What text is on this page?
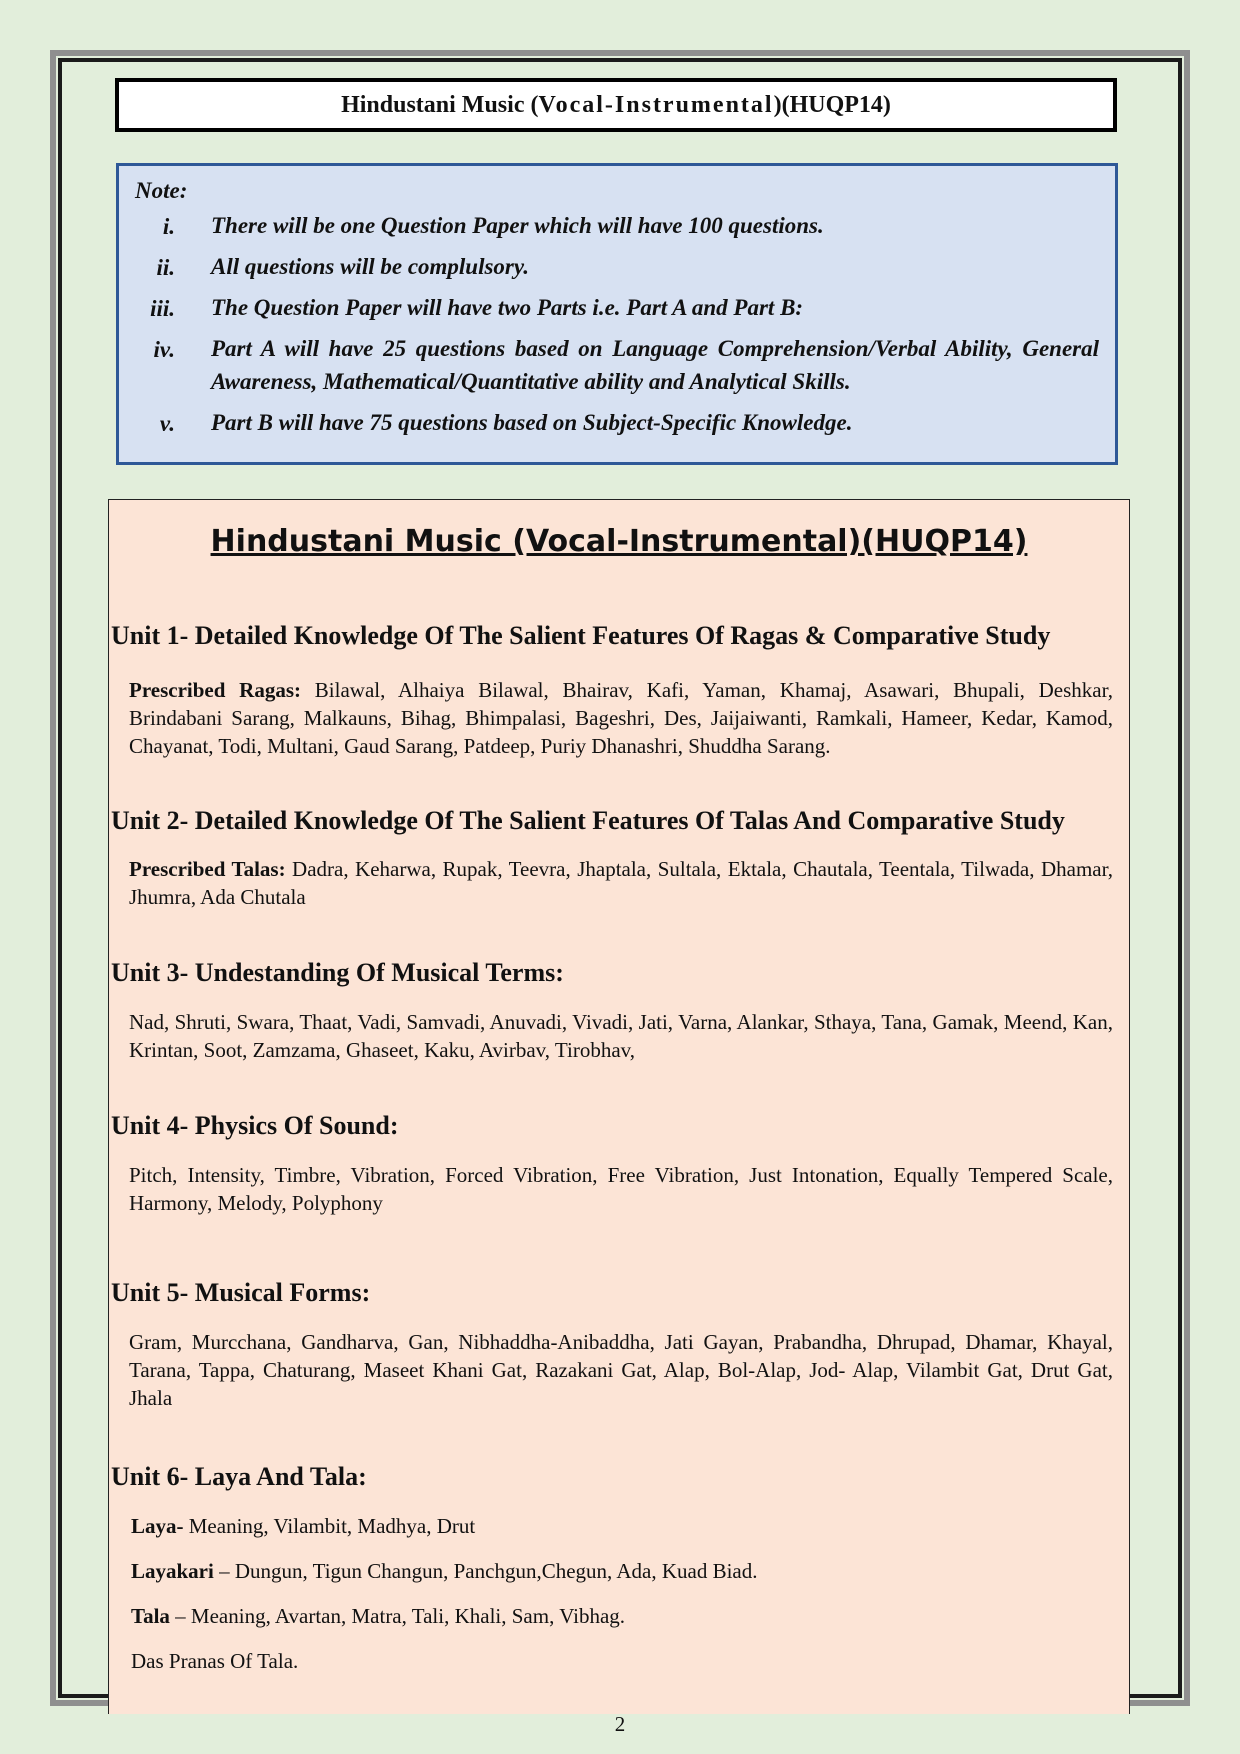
Hindustani Music ( Vocal-Instrumental )(HUQP14)
Note:
i. There will be one Question Paper which will have 100 questions.
ii. All questions will be complulsory.
iii. The Question Paper will have two Parts i.e. Part A and Part B:
iv. Part A will have 25 questions based on Language Comprehension/Verbal Ability, General Awareness, Mathematical/Quantitative ability and Analytical Skills.
v. Part B will have 75 questions based on Subject-Specific Knowledge.
Hindustani Music (Vocal-Instrumental)(HUQP14)
Unit 1- Detailed Knowledge Of The Salient Features Of Ragas & Comparative Study
Prescribed Ragas: Bilawal, Alhaiya Bilawal, Bhairav, Kafi, Yaman, Khamaj, Asawari, Bhupali, Deshkar, Brindabani Sarang, Malkauns, Bihag, Bhimpalasi, Bageshri, Des, Jaijaiwanti, Ramkali, Hameer, Kedar, Kamod, Chayanat, Todi, Multani, Gaud Sarang, Patdeep, Puriy Dhanashri, Shuddha Sarang.
Unit 2- Detailed Knowledge Of The Salient Features Of Talas And Comparative Study
Prescribed Talas: Dadra, Keharwa, Rupak, Teevra, Jhaptala, Sultala, Ektala, Chautala, Teentala, Tilwada, Dhamar, Jhumra, Ada Chutala
Unit 3- Undestanding Of Musical Terms:
Nad, Shruti, Swara, Thaat, Vadi, Samvadi, Anuvadi, Vivadi, Jati, Varna, Alankar, Sthaya, Tana, Gamak, Meend, Kan, Krintan, Soot, Zamzama, Ghaseet, Kaku, Avirbav, Tirobhav,
Unit 4- Physics Of Sound:
Pitch, Intensity, Timbre, Vibration, Forced Vibration, Free Vibration, Just Intonation, Equally Tempered Scale, Harmony, Melody, Polyphony
Unit 5- Musical Forms:
Gram, Murcchana, Gandharva, Gan, Nibhaddha-Anibaddha, Jati Gayan, Prabandha, Dhrupad, Dhamar, Khayal, Tarana, Tappa, Chaturang, Maseet Khani Gat, Razakani Gat, Alap, Bol-Alap, Jod- Alap, Vilambit Gat, Drut Gat, Jhala
Unit 6- Laya And Tala:
Laya- Meaning, Vilambit, Madhya, Drut
Layakari – Dungun, Tigun Changun, Panchgun,Chegun, Ada, Kuad Biad.
Tala – Meaning, Avartan, Matra, Tali, Khali, Sam, Vibhag.
Das Pranas Of Tala.
2
